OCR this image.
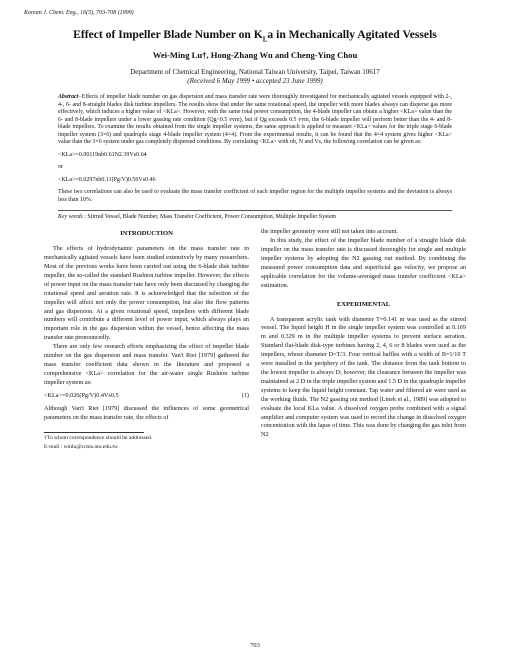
Korean J. Chem. Eng., 16(5), 703-708 (1999)
Effect of Impeller Blade Number on $K_La$ in Mechanically Agitated Vessels
Wei-Ming Lu†, Hong-Zhang Wu and Cheng-Ying Chou
Department of Chemical Engineering, National Taiwan University, Taipei, Taiwan 10617
(Received 6 May 1999 • accepted 23 June 1999)
Abstract−Effects of impeller blade number on gas dispersion and mass transfer rate were thoroughly investigated for mechanically agitated vessels equipped with 2-, 4-, 6- and 8-straight blades disk turbine impellers. The results show that under the same rotational speed, the impeller with more blades always can disperse gas more effectively, which induces a higher value of <KLa>. However, with the same total power consumption, the 4-blade impeller can obtain a higher <KLa> value than the 6- and 8-blade impellers under a lower gassing rate condition (Qg<0.5 vvm), but if Qg exceeds 0.5 vvm, the 6-blade impeller will perform better than the 4- and 8-blade impellers. To examine the results obtained from the single impeller systems, the same approach is applied to measure <KLa> values for the triple stage 6-blade impeller system (3×6) and quadruple stage 4-blade impeller system (4×4). From the experimental results, it can be found that the 4×4 system gives higher <KLa> value than the 3×6 system under gas completely dispersed conditions. By correlating <KLa> with nb, N and Vs, the following correlation can be given as:
<KLa>=0.00119nb0.61N2.39Vs0.64
or
<KLa>=0.0297nb0.11(Pg/V)0.56Vs0.46
These two correlations can also be used to evaluate the mass transfer coefficient of each impeller region for the multiple impeller systems and the deviation is always less than 10%.
Key words : Stirred Vessel, Blade Number, Mass Transfer Coefficient, Power Consumption, Multiple Impeller System
INTRODUCTION

The effects of hydrodynamic parameters on the mass transfer rate in mechanically agitated vessels have been studied extensively by many researchers. Most of the previous works have been carried out using the 6-blade disk turbine impeller, the so-called the standard Rushton turbine impeller. However, the effects of power input on the mass transfer rate have only been discussed by changing the rotational speed and aeration rate. It is acknowledged that the selection of the impeller will affect not only the power consumption, but also the flow patterns and gas dispersion. At a given rotational speed, impellers with different blade numbers will contribute a different level of power input, which always plays an important role in the gas dispersion within the vessel, hence affecting the mass transfer rate pronouncedly.

There are only few research efforts emphasizing the effect of impeller blade number on the gas dispersion and mass transfer. Van't Riet [1979] gathered the mass transfer coefficient data shown in the literature and proposed a comprehensive <KLa> correlation for the air-water single Rushton turbine impeller system as:

<KLa>=0.026(Pg/V)0.4Vs0.5	(1)

Although Van't Riet [1979] discussed the influences of some geometrical parameters on the mass transfer rate, the effects of

†To whom correspondence should be addressed.
E-mail : wmlu@ccms.ntu.edu.tw

the impeller geometry were still not taken into account.

In this study, the effect of the impeller blade number of a straight blade disk impeller on the mass transfer rate is discussed thoroughly for single and multiple impeller systems by adopting the N2 gassing out method. By combining the measured power consumption data and superficial gas velocity, we propose an applicable correlation for the volume-averaged mass transfer coefficient <KLa> estimation.

EXPERIMENTAL

A transparent acrylic tank with diameter T=0.141 m was used as the stirred vessel. The liquid height H in the single impeller system was controlled at 0.169 m and 0.329 m in the multiple impeller systems to prevent surface aeration. Standard flat-blade disk-type turbines having 2, 4, 6 or 8 blades were used as the impellers, whose diameter D=T/3. Four vertical baffles with a width of B=1/10 T were installed in the periphery of the tank. The distance from the tank bottom to the lowest impeller is always D; however, the clearance between the impeller was maintained at 2 D in the triple impeller system and 1.5 D in the quadruple impeller systems to keep the liquid height constant. Tap water and filtered air were used as the working fluids. The N2 gassing out method [Linek et al., 1989] was adopted to evaluate the local KLa value. A dissolved oxygen probe combined with a signal amplifier and computer system was used to record the change in dissolved oxygen concentration with the lapse of time. This was done by changing the gas inlet from N2

703
